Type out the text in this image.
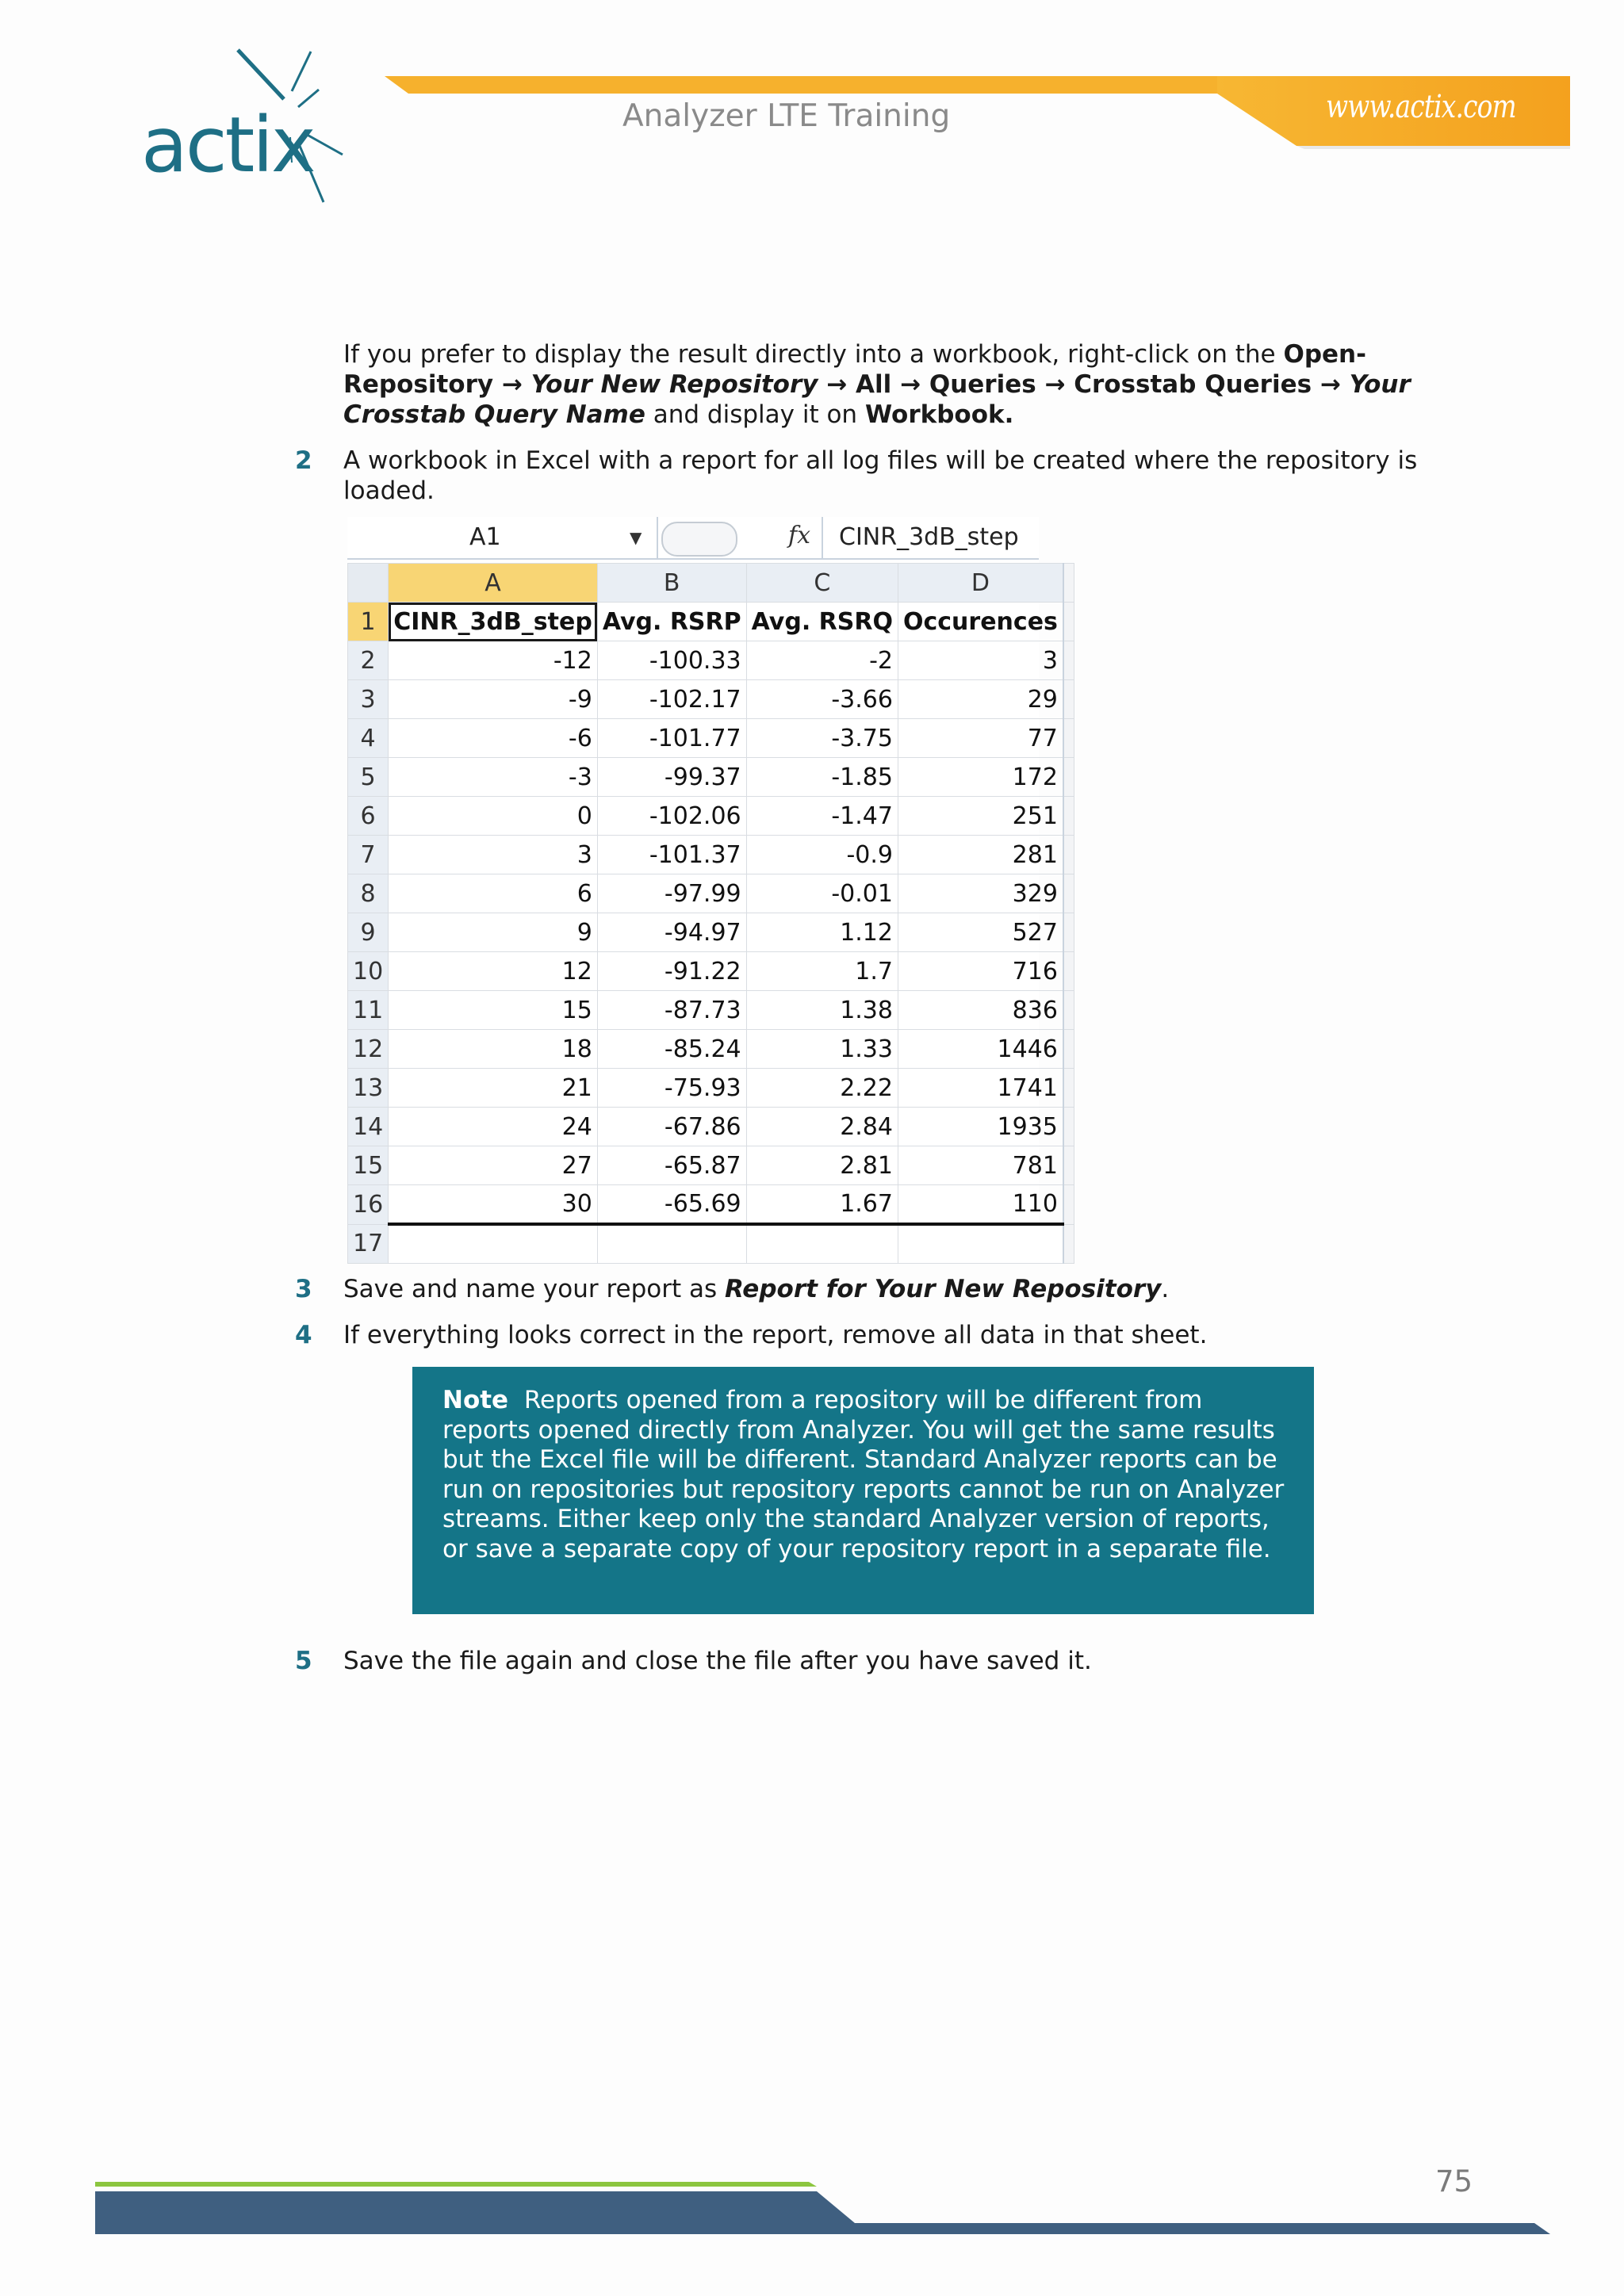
actix	Analyzer LTE Training	www.actix.com
If you prefer to display the result directly into a workbook, right-click on the Open-Repository → Your New Repository → All → Queries → Crosstab Queries → Your Crosstab Query Name and display it on Workbook.
2 A workbook in Excel with a report for all log files will be created where the repository is loaded.
A1	▼	fx CINR_3dB_step
	A	B	C	D	
1	CINR_3dB_step	Avg. RSRP	Avg. RSRQ	Occurences	
2	-12	-100.33	-2	3	
3	-9	-102.17	-3.66	29	
4	-6	-101.77	-3.75	77	
5	-3	-99.37	-1.85	172	
6	0	-102.06	-1.47	251	
7	3	-101.37	-0.9	281	
8	6	-97.99	-0.01	329	
9	9	-94.97	1.12	527	
10	12	-91.22	1.7	716	
11	15	-87.73	1.38	836	
12	18	-85.24	1.33	1446	
13	21	-75.93	2.22	1741	
14	24	-67.86	2.84	1935	
15	27	-65.87	2.81	781	
16	30	-65.69	1.67	110	
17					
3 Save and name your report as Report for Your New Repository.
4 If everything looks correct in the report, remove all data in that sheet.
Note Reports opened from a repository will be different from reports opened directly from Analyzer. You will get the same results but the Excel file will be different. Standard Analyzer reports can be run on repositories but repository reports cannot be run on Analyzer streams. Either keep only the standard Analyzer version of reports, or save a separate copy of your repository report in a separate file.
5 Save the file again and close the file after you have saved it.
75
